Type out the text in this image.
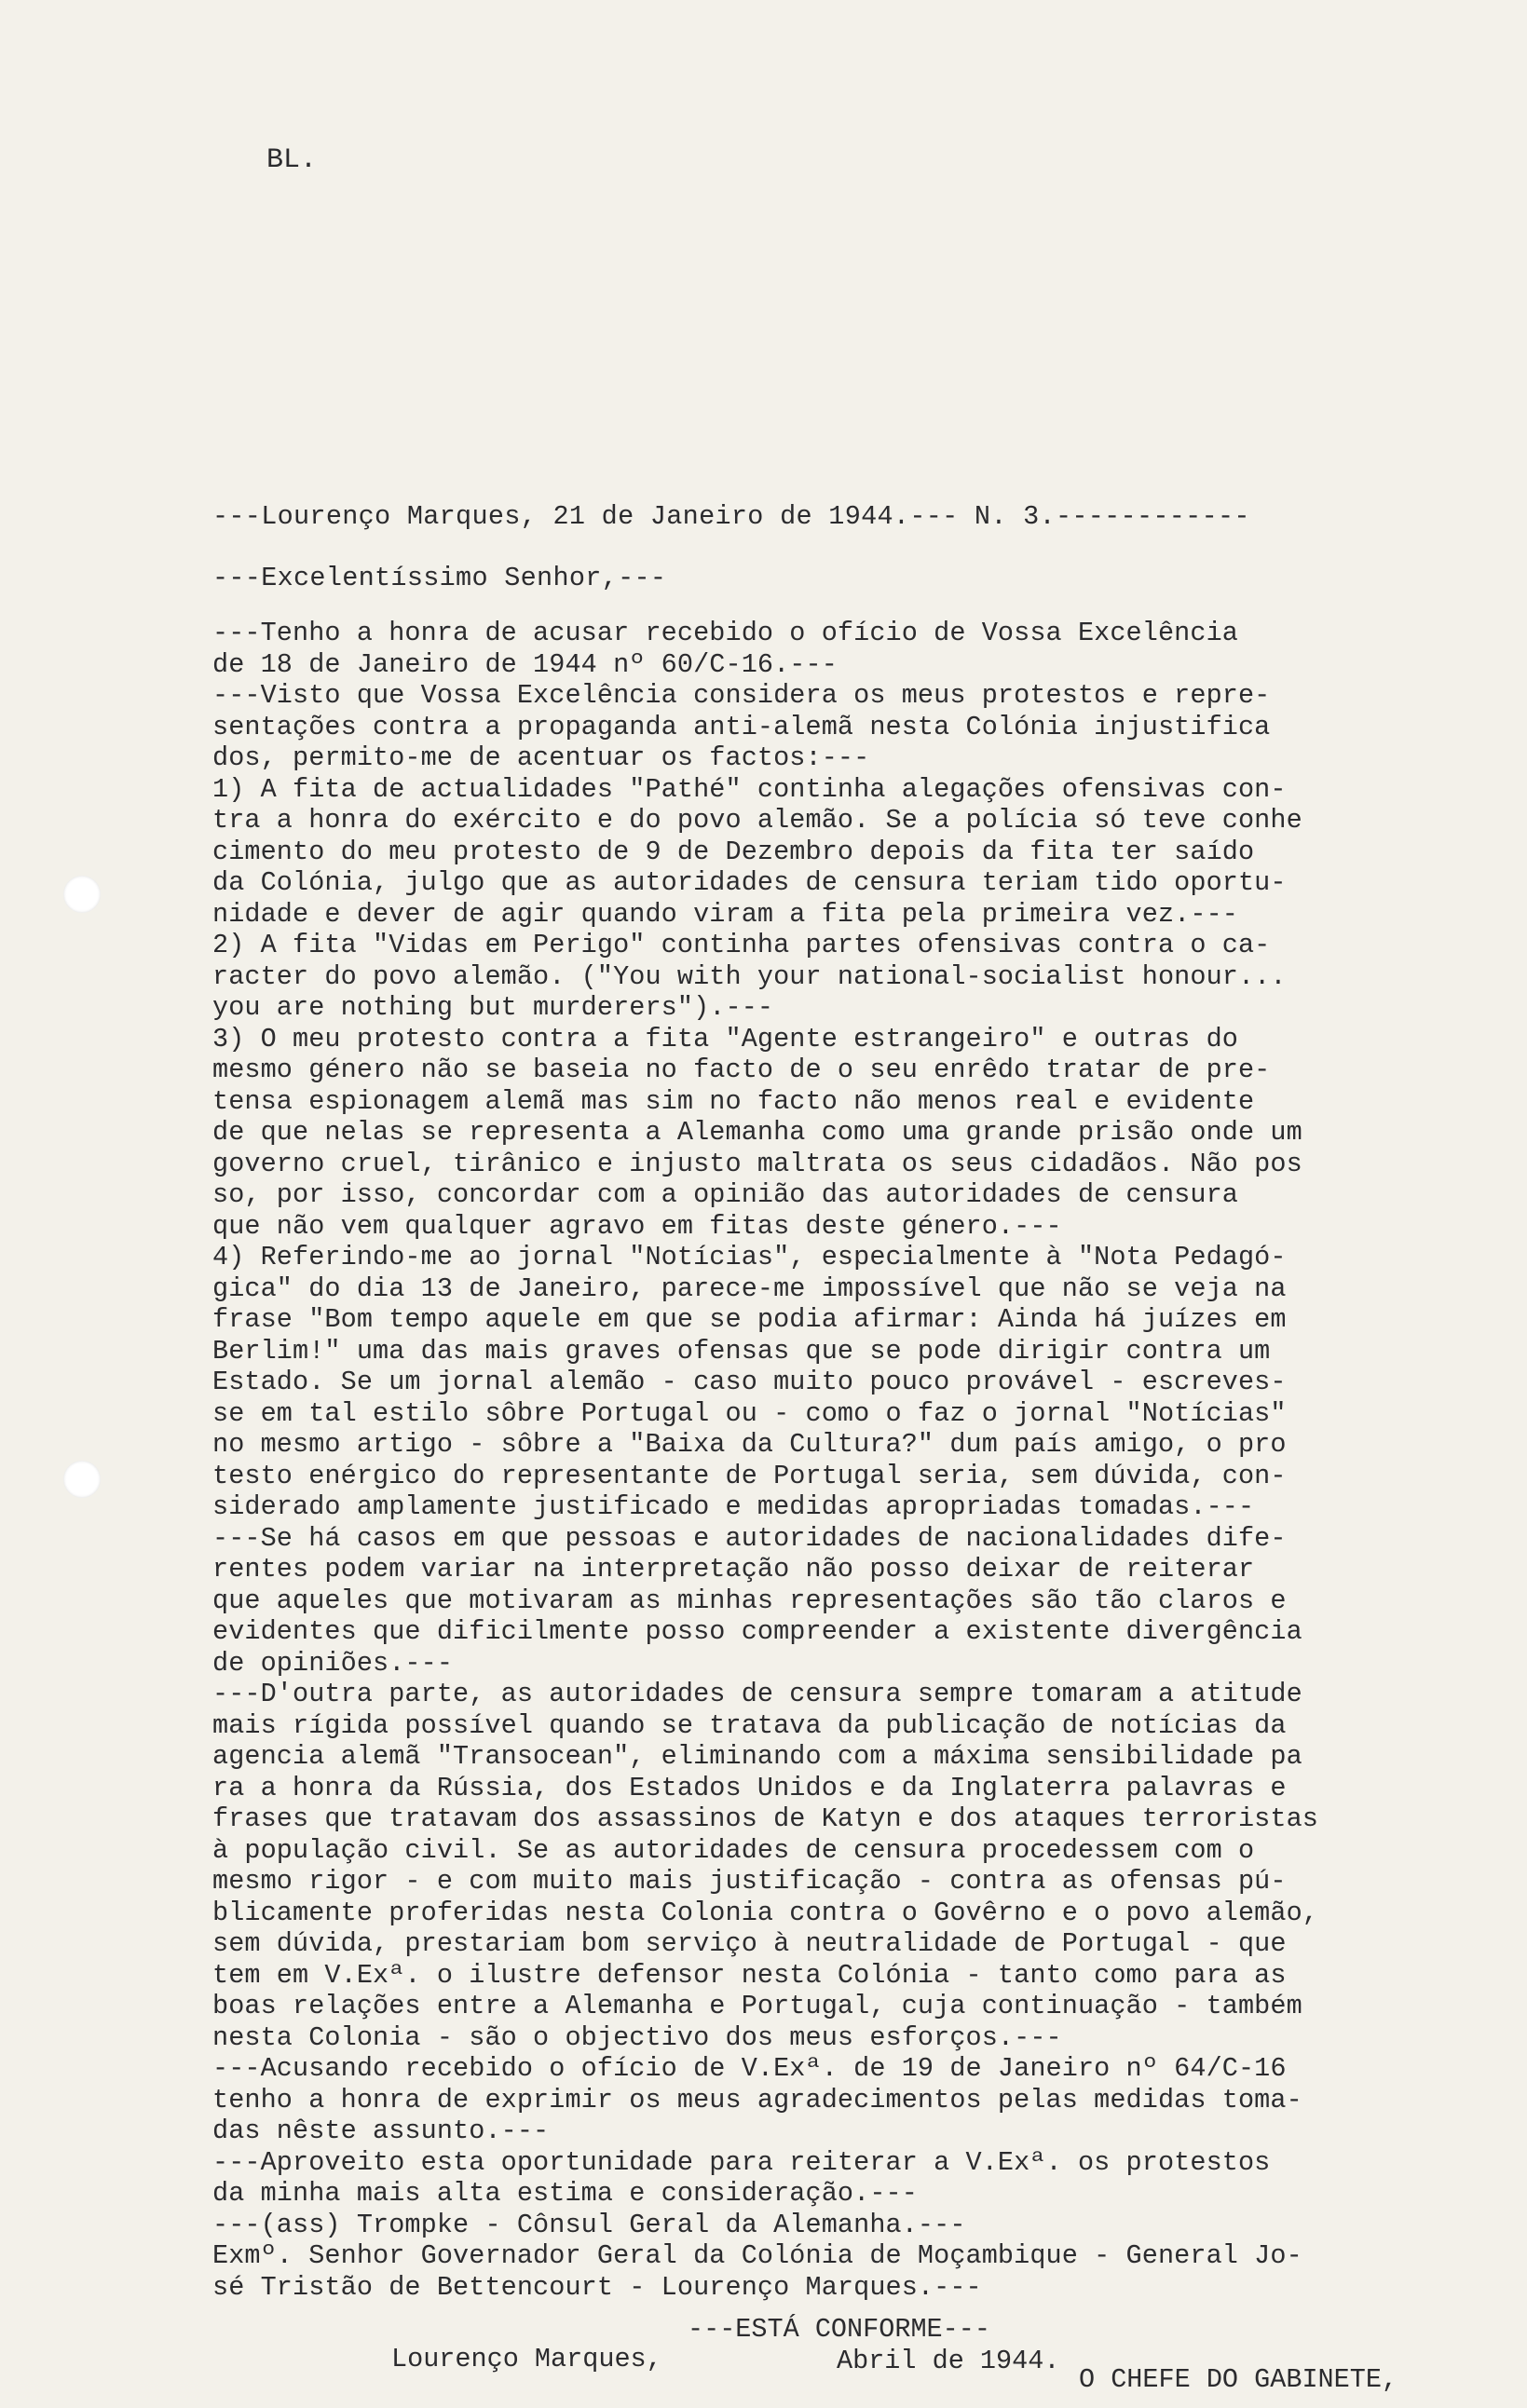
BL.
---Lourenço Marques, 21 de Janeiro de 1944.--- N. 3.------------
---Excelentíssimo Senhor,---
---Tenho a honra de acusar recebido o ofício de Vossa Excelência
de 18 de Janeiro de 1944 nº 60/C-16.---
---Visto que Vossa Excelência considera os meus protestos e repre-
sentações contra a propaganda anti-alemã nesta Colónia injustifica
dos, permito-me de acentuar os factos:---
1) A fita de actualidades "Pathé" continha alegações ofensivas con-
tra a honra do exército e do povo alemão. Se a polícia só teve conhe
cimento do meu protesto de 9 de Dezembro depois da fita ter saído
da Colónia, julgo que as autoridades de censura teriam tido oportu-
nidade e dever de agir quando viram a fita pela primeira vez.---
2) A fita "Vidas em Perigo" continha partes ofensivas contra o ca-
racter do povo alemão. ("You with your national-socialist honour...
you are nothing but murderers").---
3) O meu protesto contra a fita "Agente estrangeiro" e outras do
mesmo género não se baseia no facto de o seu enrêdo tratar de pre-
tensa espionagem alemã mas sim no facto não menos real e evidente
de que nelas se representa a Alemanha como uma grande prisão onde um
governo cruel, tirânico e injusto maltrata os seus cidadãos. Não pos
so, por isso, concordar com a opinião das autoridades de censura
que não vem qualquer agravo em fitas deste género.---
4) Referindo-me ao jornal "Notícias", especialmente à "Nota Pedagó-
gica" do dia 13 de Janeiro, parece-me impossível que não se veja na
frase "Bom tempo aquele em que se podia afirmar: Ainda há juízes em
Berlim!" uma das mais graves ofensas que se pode dirigir contra um
Estado. Se um jornal alemão - caso muito pouco provável - escreves-
se em tal estilo sôbre Portugal ou - como o faz o jornal "Notícias"
no mesmo artigo - sôbre a "Baixa da Cultura?" dum país amigo, o pro
testo enérgico do representante de Portugal seria, sem dúvida, con-
siderado amplamente justificado e medidas apropriadas tomadas.---
---Se há casos em que pessoas e autoridades de nacionalidades dife-
rentes podem variar na interpretação não posso deixar de reiterar
que aqueles que motivaram as minhas representações são tão claros e
evidentes que dificilmente posso compreender a existente divergência
de opiniões.---
---D'outra parte, as autoridades de censura sempre tomaram a atitude
mais rígida possível quando se tratava da publicação de notícias da
agencia alemã "Transocean", eliminando com a máxima sensibilidade pa
ra a honra da Rússia, dos Estados Unidos e da Inglaterra palavras e
frases que tratavam dos assassinos de Katyn e dos ataques terroristas
à população civil. Se as autoridades de censura procedessem com o
mesmo rigor - e com muito mais justificação - contra as ofensas pú-
blicamente proferidas nesta Colonia contra o Govêrno e o povo alemão,
sem dúvida, prestariam bom serviço à neutralidade de Portugal - que
tem em V.Exª. o ilustre defensor nesta Colónia - tanto como para as
boas relações entre a Alemanha e Portugal, cuja continuação - também
nesta Colonia - são o objectivo dos meus esforços.---
---Acusando recebido o ofício de V.Exª. de 19 de Janeiro nº 64/C-16
tenho a honra de exprimir os meus agradecimentos pelas medidas toma-
das nêste assunto.---
---Aproveito esta oportunidade para reiterar a V.Exª. os protestos
da minha mais alta estima e consideração.---
---(ass) Trompke - Cônsul Geral da Alemanha.---
Exmº. Senhor Governador Geral da Colónia de Moçambique - General Jo-
sé Tristão de Bettencourt - Lourenço Marques.---
---ESTÁ CONFORME---
Lourenço Marques,	Abril de 1944.
O CHEFE DO GABINETE,
